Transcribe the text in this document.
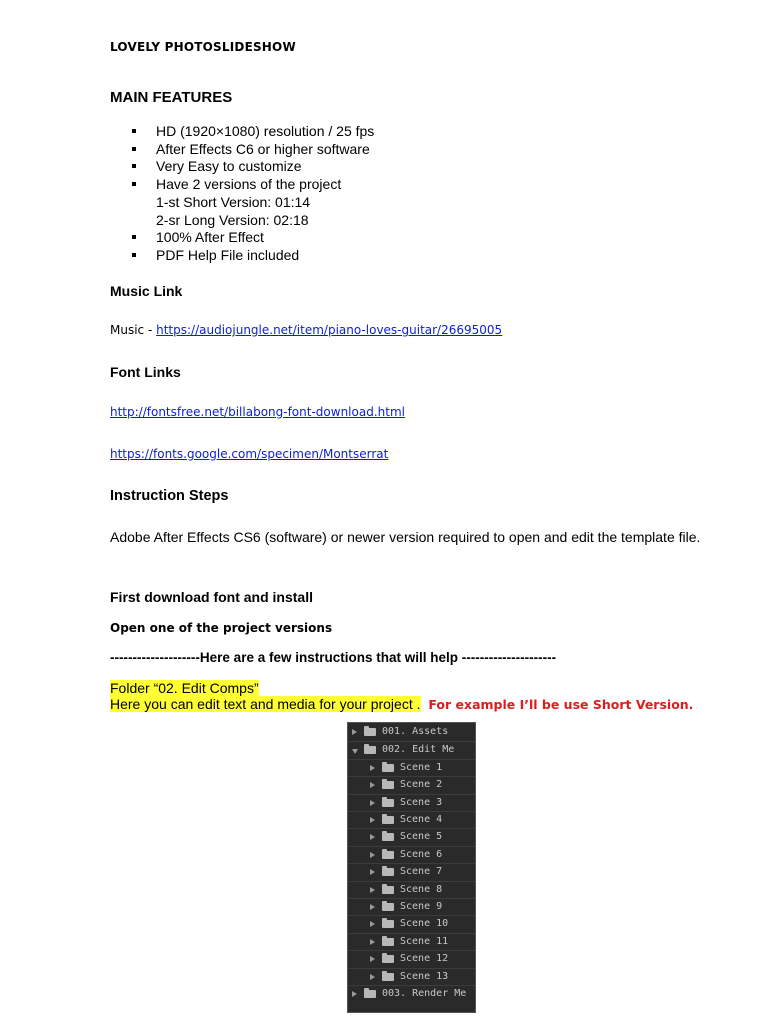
LOVELY PHOTOSLIDESHOW
MAIN FEATURES
HD (1920×1080) resolution / 25 fps
After Effects C6 or higher software
Very Easy to customize
Have 2 versions of the project
1-st Short Version: 01:14
2-sr Long Version: 02:18
100% After Effect
PDF Help File included
Music Link
Music - https://audiojungle.net/item/piano-loves-guitar/26695005
Font Links
http://fontsfree.net/billabong-font-download.html
https://fonts.google.com/specimen/Montserrat
Instruction Steps
Adobe After Effects CS6 (software) or newer version required to open and edit the template file.
First download font and install
Open one of the project versions
--------------------Here are a few instructions that will help ---------------------
Folder “02. Edit Comps”
Here you can edit text and media for your project . For example I’ll be use Short Version.
001. Assets
002. Edit Me
Scene 1
Scene 2
Scene 3
Scene 4
Scene 5
Scene 6
Scene 7
Scene 8
Scene 9
Scene 10
Scene 11
Scene 12
Scene 13
003. Render Me
